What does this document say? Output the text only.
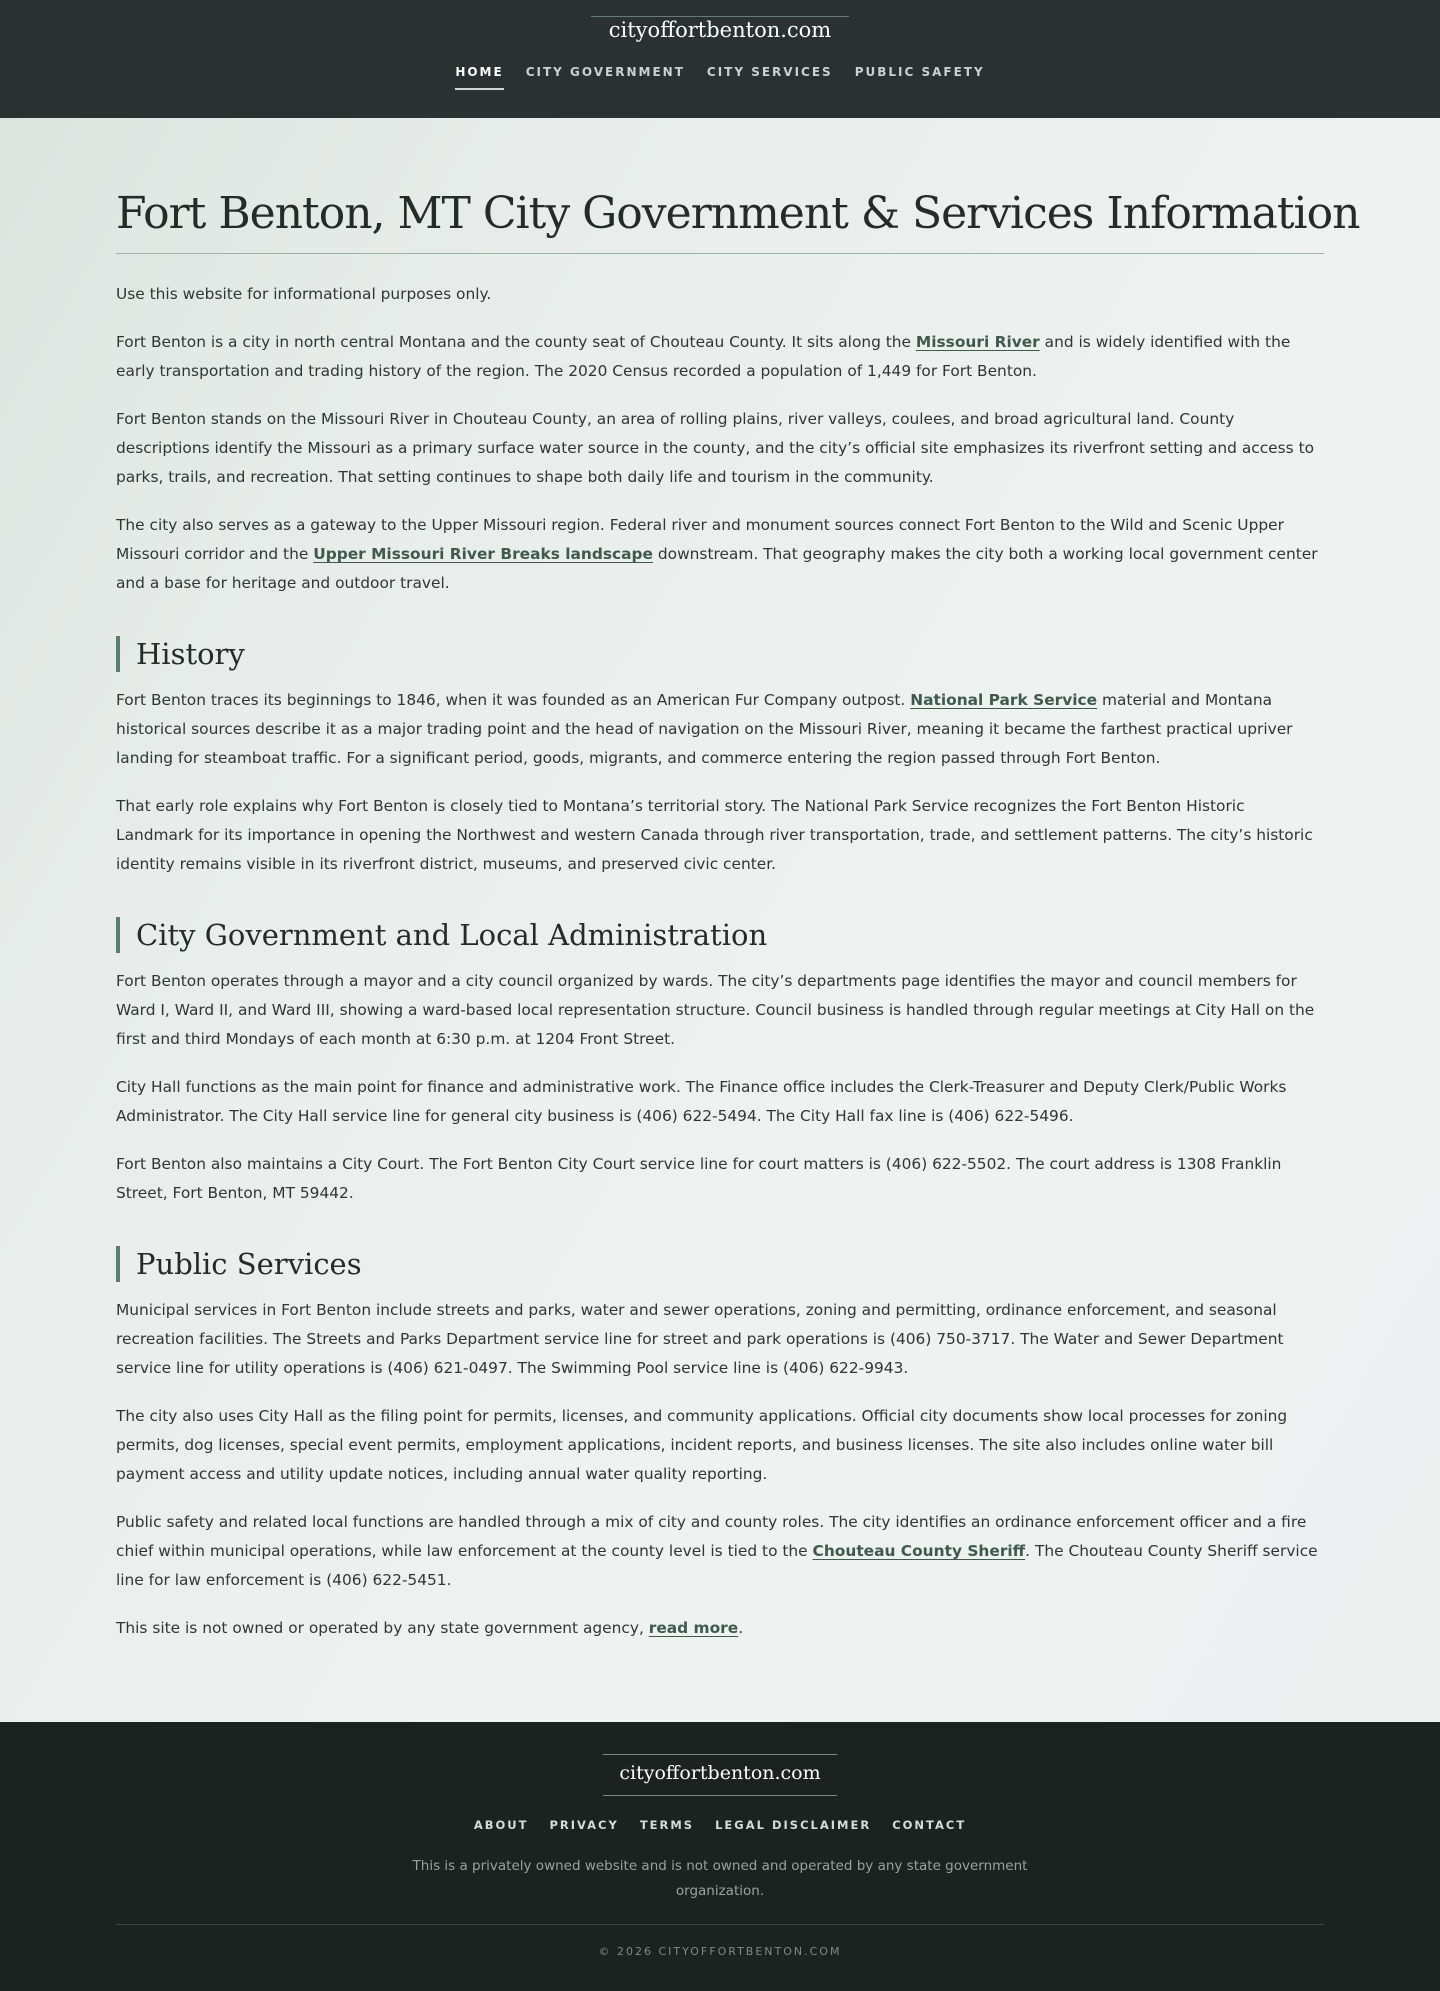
cityoffortbenton.com
HOME CITY GOVERNMENT CITY SERVICES PUBLIC SAFETY
Fort Benton, MT City Government & Services Information

Use this website for informational purposes only.

Fort Benton is a city in north central Montana and the county seat of Chouteau County. It sits along the Missouri River and is widely identified with the early transportation and trading history of the region. The 2020 Census recorded a population of 1,449 for Fort Benton.

Fort Benton stands on the Missouri River in Chouteau County, an area of rolling plains, river valleys, coulees, and broad agricultural land. County descriptions identify the Missouri as a primary surface water source in the county, and the city’s official site emphasizes its riverfront setting and access to parks, trails, and recreation. That setting continues to shape both daily life and tourism in the community.

The city also serves as a gateway to the Upper Missouri region. Federal river and monument sources connect Fort Benton to the Wild and Scenic Upper Missouri corridor and the Upper Missouri River Breaks landscape downstream. That geography makes the city both a working local government center and a base for heritage and outdoor travel.

History

Fort Benton traces its beginnings to 1846, when it was founded as an American Fur Company outpost. National Park Service material and Montana historical sources describe it as a major trading point and the head of navigation on the Missouri River, meaning it became the farthest practical upriver landing for steamboat traffic. For a significant period, goods, migrants, and commerce entering the region passed through Fort Benton.

That early role explains why Fort Benton is closely tied to Montana’s territorial story. The National Park Service recognizes the Fort Benton Historic Landmark for its importance in opening the Northwest and western Canada through river transportation, trade, and settlement patterns. The city’s historic identity remains visible in its riverfront district, museums, and preserved civic center.

City Government and Local Administration

Fort Benton operates through a mayor and a city council organized by wards. The city’s departments page identifies the mayor and council members for Ward I, Ward II, and Ward III, showing a ward-based local representation structure. Council business is handled through regular meetings at City Hall on the first and third Mondays of each month at 6:30 p.m. at 1204 Front Street.

City Hall functions as the main point for finance and administrative work. The Finance office includes the Clerk-Treasurer and Deputy Clerk/Public Works Administrator. The City Hall service line for general city business is (406) 622-5494. The City Hall fax line is (406) 622-5496.

Fort Benton also maintains a City Court. The Fort Benton City Court service line for court matters is (406) 622-5502. The court address is 1308 Franklin Street, Fort Benton, MT 59442.

Public Services

Municipal services in Fort Benton include streets and parks, water and sewer operations, zoning and permitting, ordinance enforcement, and seasonal recreation facilities. The Streets and Parks Department service line for street and park operations is (406) 750-3717. The Water and Sewer Department service line for utility operations is (406) 621-0497. The Swimming Pool service line is (406) 622-9943.

The city also uses City Hall as the filing point for permits, licenses, and community applications. Official city documents show local processes for zoning permits, dog licenses, special event permits, employment applications, incident reports, and business licenses. The site also includes online water bill payment access and utility update notices, including annual water quality reporting.

Public safety and related local functions are handled through a mix of city and county roles. The city identifies an ordinance enforcement officer and a fire chief within municipal operations, while law enforcement at the county level is tied to the Chouteau County Sheriff. The Chouteau County Sheriff service line for law enforcement is (406) 622-5451.

This site is not owned or operated by any state government agency, read more.

cityoffortbenton.com
ABOUT PRIVACY TERMS LEGAL DISCLAIMER CONTACT

This is a privately owned website and is not owned and operated by any state government organization.

© 2026 CITYOFFORTBENTON.COM
